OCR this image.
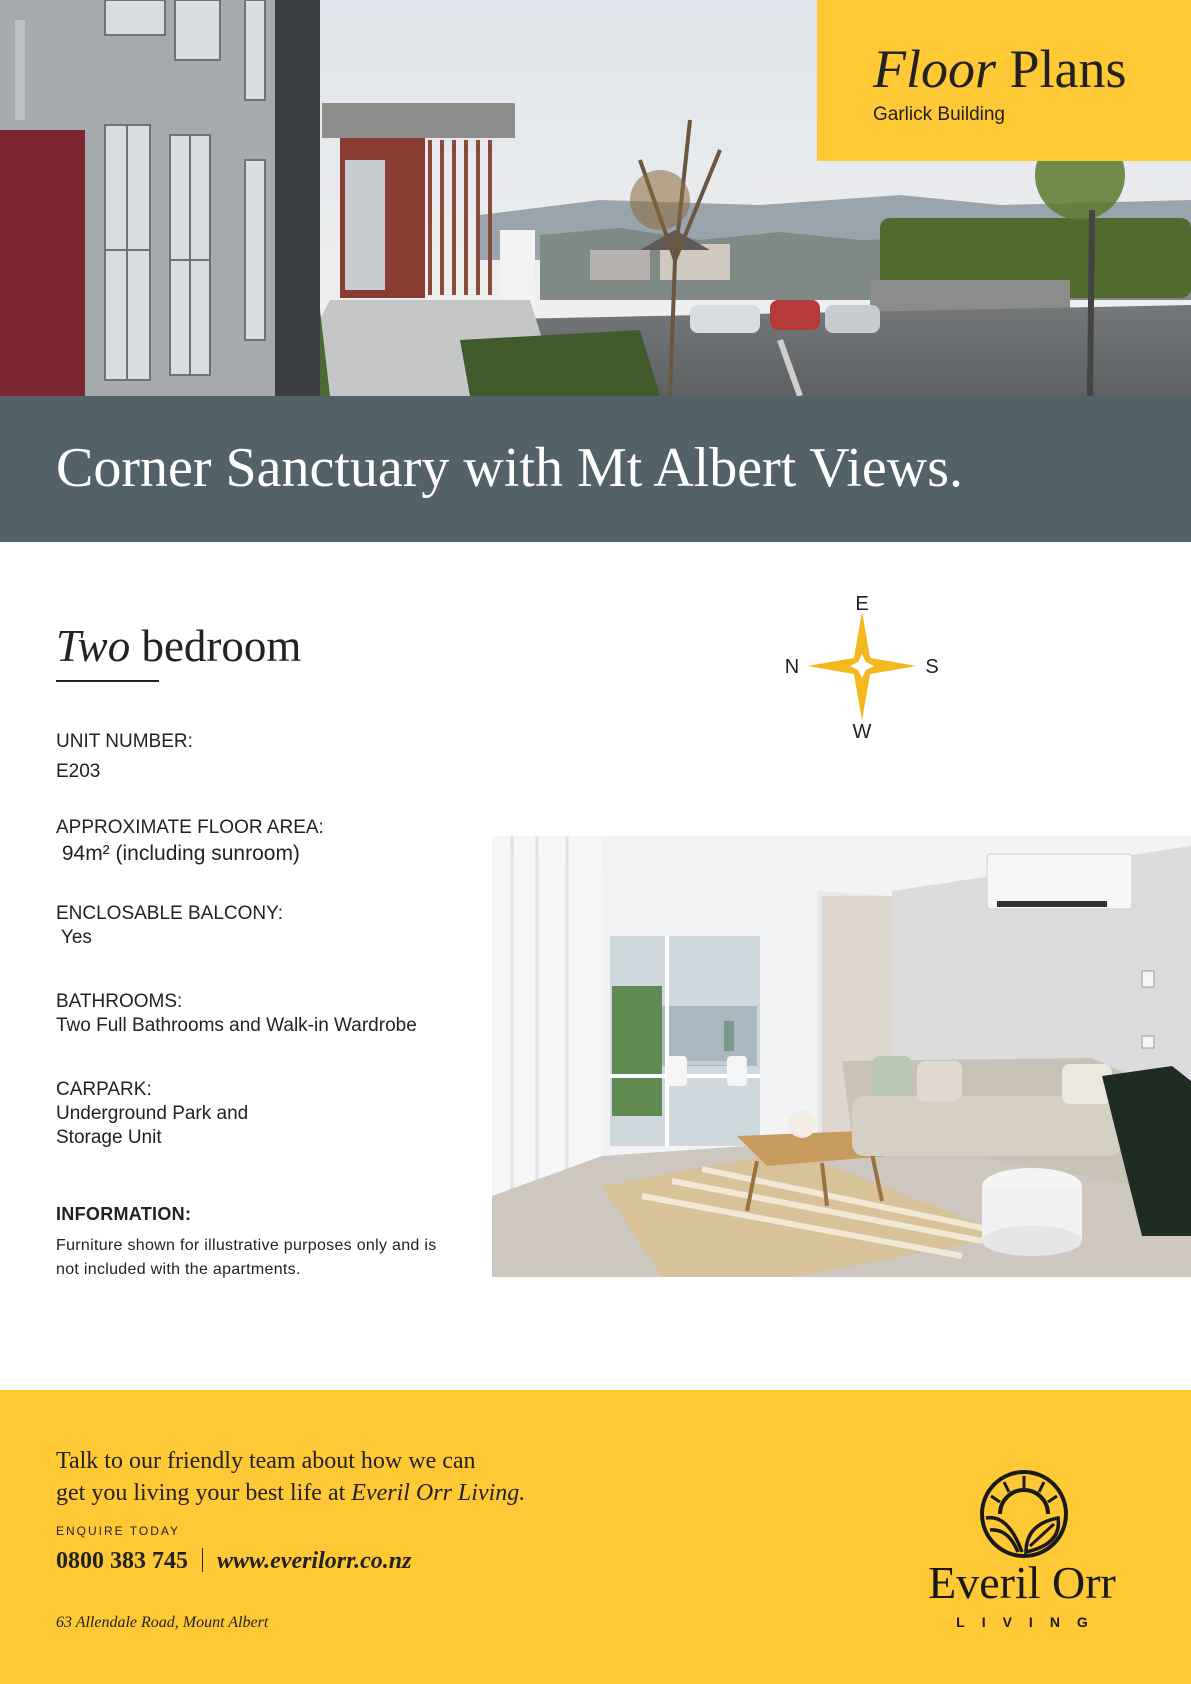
Floor Plans
Garlick Building
Corner Sanctuary with Mt Albert Views.
Two bedroom
UNIT NUMBER:
E203
APPROXIMATE FLOOR AREA:
94m² (including sunroom)
ENCLOSABLE BALCONY:
Yes
BATHROOMS:
Two Full Bathrooms and Walk-in Wardrobe
CARPARK:
Underground Park and
Storage Unit
INFORMATION:
Furniture shown for illustrative purposes only and is not included with the apartments.
E
N	S
W
Talk to our friendly team about how we can
get you living your best life at Everil Orr Living.
ENQUIRE TODAY
0800 383 745 www.everilorr.co.nz
63 Allendale Road, Mount Albert
Everil Orr
LIVING
